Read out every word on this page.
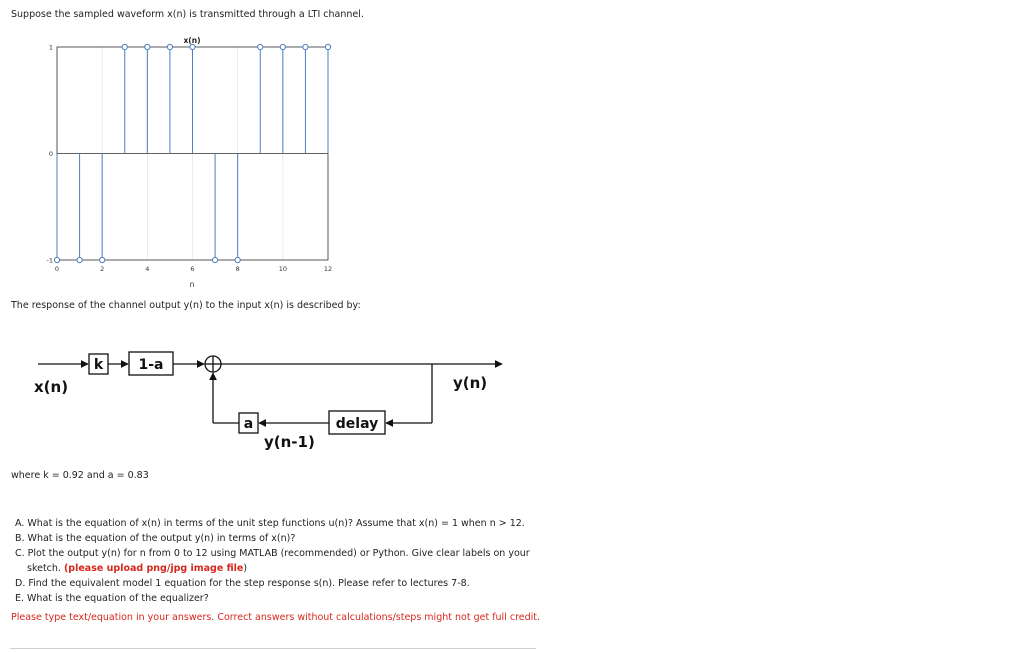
Suppose the sampled waveform x(n) is transmitted through a LTI channel.
-1
0
1
0	2	4	6	8	10	12
x(n)
n
The response of the channel output y(n) to the input x(n) is described by:
k	1-a
delay
a
x(n)	y(n)
y(n-1)
where k = 0.92 and a = 0.83
A. What is the equation of x(n) in terms of the unit step functions u(n)? Assume that x(n) = 1 when n > 12.
B. What is the equation of the output y(n) in terms of x(n)?
C. Plot the output y(n) for n from 0 to 12 using MATLAB (recommended) or Python. Give clear labels on your
sketch. (please upload png/jpg image file)
D. Find the equivalent model 1 equation for the step response s(n). Please refer to lectures 7-8.
E. What is the equation of the equalizer?
Please type text/equation in your answers. Correct answers without calculations/steps might not get full credit.
